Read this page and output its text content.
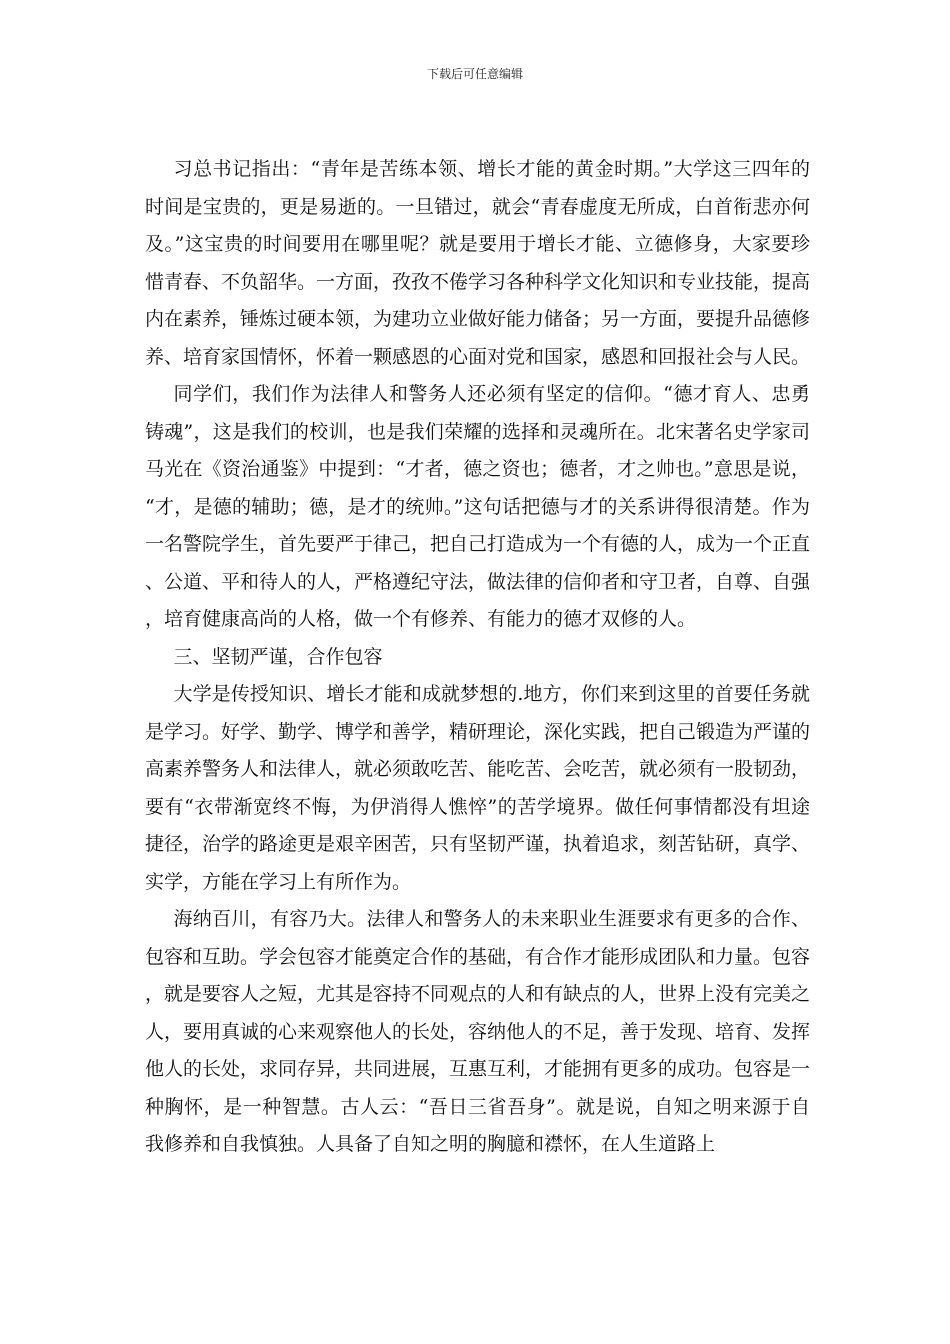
下载后可任意编辑

习总书记指出：“青年是苦练本领、增长才能的黄金时期。”大学这三四年的时间是宝贵的，更是易逝的。一旦错过，就会“青春虚度无所成，白首衔悲亦何及。”这宝贵的时间要用在哪里呢？就是要用于增长才能、立德修身，大家要珍惜青春、不负韶华。一方面，孜孜不倦学习各种科学文化知识和专业技能，提高内在素养，锤炼过硬本领，为建功立业做好能力储备；另一方面，要提升品德修养、培育家国情怀，怀着一颗感恩的心面对党和国家，感恩和回报社会与人民。

同学们，我们作为法律人和警务人还必须有坚定的信仰。“德才育人、忠勇铸魂”，这是我们的校训，也是我们荣耀的选择和灵魂所在。北宋著名史学家司马光在《资治通鉴》中提到：“才者，德之资也；德者，才之帅也。”意思是说，“才，是德的辅助；德，是才的统帅。”这句话把德与才的关系讲得很清楚。作为一名警院学生，首先要严于律己，把自己打造成为一个有德的人，成为一个正直、公道、平和待人的人，严格遵纪守法，做法律的信仰者和守卫者，自尊、自强，培育健康高尚的人格，做一个有修养、有能力的德才双修的人。

三、坚韧严谨，合作包容

大学是传授知识、增长才能和成就梦想的.地方，你们来到这里的首要任务就是学习。好学、勤学、博学和善学，精研理论，深化实践，把自己锻造为严谨的高素养警务人和法律人，就必须敢吃苦、能吃苦、会吃苦，就必须有一股韧劲，要有“衣带渐宽终不悔，为伊消得人憔悴”的苦学境界。做任何事情都没有坦途捷径，治学的路途更是艰辛困苦，只有坚韧严谨，执着追求，刻苦钻研，真学、实学，方能在学习上有所作为。

海纳百川，有容乃大。法律人和警务人的未来职业生涯要求有更多的合作、包容和互助。学会包容才能奠定合作的基础，有合作才能形成团队和力量。包容，就是要容人之短，尤其是容持不同观点的人和有缺点的人，世界上没有完美之人，要用真诚的心来观察他人的长处，容纳他人的不足，善于发现、培育、发挥他人的长处，求同存异，共同进展，互惠互利，才能拥有更多的成功。包容是一种胸怀，是一种智慧。古人云：“吾日三省吾身”。就是说，自知之明来源于自我修养和自我慎独。人具备了自知之明的胸臆和襟怀，在人生道路上
